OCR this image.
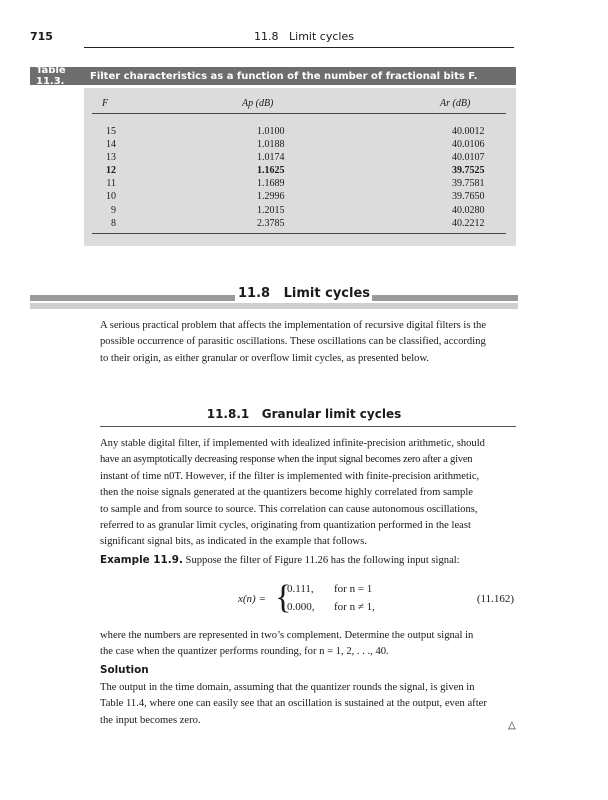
715	11.8   Limit cycles
Table 11.3.	Filter characteristics as a function of the number of fractional bits F.
F	Ap (dB)	Ar (dB)
15	1.0100	40.0012
14	1.0188	40.0106
13	1.0174	40.0107
12	1.1625	39.7525
11	1.1689	39.7581
10	1.2996	39.7650
9	1.2015	40.0280
8	2.3785	40.2212
11.8   Limit cycles
A serious practical problem that affects the implementation of recursive digital filters is the
possible occurrence of parasitic oscillations. These oscillations can be classified, according
to their origin, as either granular or overflow limit cycles, as presented below.
11.8.1   Granular limit cycles
Any stable digital filter, if implemented with idealized infinite-precision arithmetic, should
have an asymptotically decreasing response when the input signal becomes zero after a given
instant of time n0T. However, if the filter is implemented with finite-precision arithmetic,
then the noise signals generated at the quantizers become highly correlated from sample
to sample and from source to source. This correlation can cause autonomous oscillations,
referred to as granular limit cycles, originating from quantization performed in the least
significant signal bits, as indicated in the example that follows.
Example 11.9. Suppose the filter of Figure 11.26 has the following input signal:
x(n) = {
0.111, for n = 1
0.000, for n ≠ 1,
(11.162)
where the numbers are represented in two’s complement. Determine the output signal in
the case when the quantizer performs rounding, for n = 1, 2, . . ., 40.
Solution
The output in the time domain, assuming that the quantizer rounds the signal, is given in
Table 11.4, where one can easily see that an oscillation is sustained at the output, even after
the input becomes zero.	△
